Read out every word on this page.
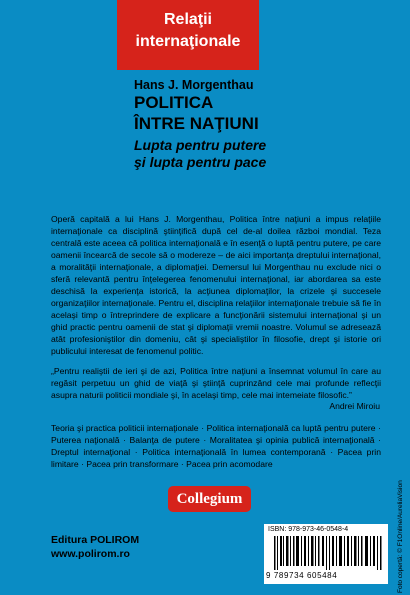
Relaţii
internaţionale
Hans J. Morgenthau
POLITICA
ÎNTRE NAŢIUNI
Lupta pentru putere
şi lupta pentru pace
Operă capitală a lui Hans J. Morgenthau, Politica între naţiuni a impus relaţiile internaţionale ca disciplină ştiinţifică după cel de-al doilea război mondial. Teza centrală este aceea că politica internaţională e în esenţă o luptă pentru putere, pe care oamenii încearcă de secole să o modereze – de aici importanţa dreptului internaţional, a moralităţii internaţionale, a diplomaţiei. Demersul lui Morgenthau nu exclude nici o sferă relevantă pentru înţelegerea fenomenului internaţional, iar abordarea sa este deschisă la experienţa istorică, la acţiunea diplomaţilor, la crizele şi succesele organizaţiilor internaţionale. Pentru el, disciplina relaţiilor internaţionale trebuie să fie în acelaşi timp o întreprindere de explicare a funcţionării sistemului internaţional şi un ghid practic pentru oamenii de stat şi diplomaţii vremii noastre. Volumul se adresează atât profesioniştilor din domeniu, cât şi specialiştilor în filosofie, drept şi istorie ori publicului interesat de fenomenul politic.
„Pentru realiştii de ieri şi de azi, Politica între naţiuni a însemnat volumul în care au regăsit perpetuu un ghid de viaţă şi ştiinţă cuprinzând cele mai profunde reflecţii asupra naturii politicii mondiale şi, în acelaşi timp, cele mai intemeiate filosofic.”
Andrei Miroiu
Teoria şi practica politicii internaţionale · Politica internaţională ca luptă pentru putere · Puterea naţională · Balanţa de putere · Moralitatea şi opinia publică internaţională · Dreptul internaţional · Politica internaţională în lumea contemporană · Pacea prin limitare · Pacea prin transformare · Pacea prin acomodare
Collegium
Editura POLIROM
www.polirom.ro
ISBN: 978-973-46-0548-4
9 789734 605484	Foto copertă: © F1Online/AureliaVision
